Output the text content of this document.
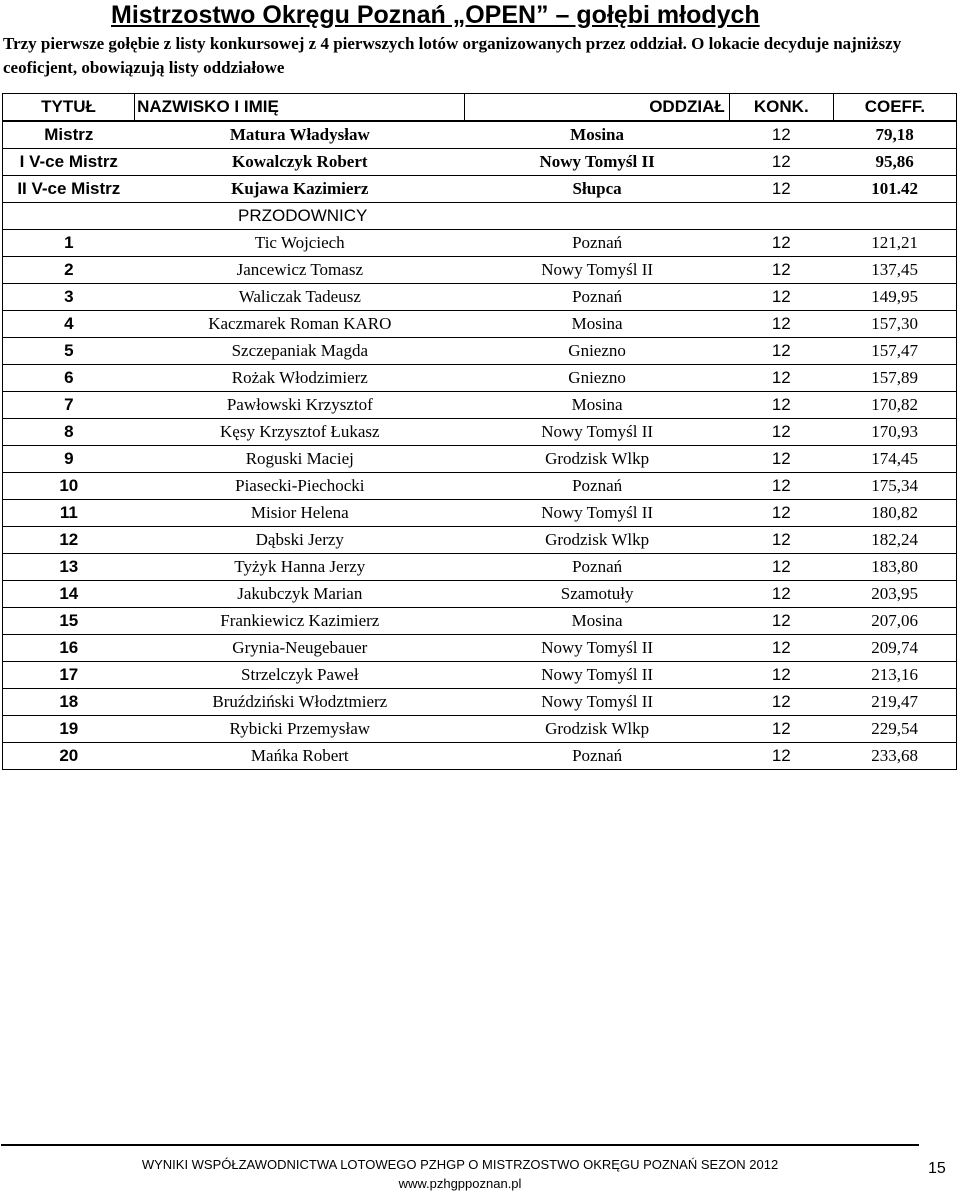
Mistrzostwo Okręgu Poznań „OPEN” – gołębi młodych
Trzy pierwsze gołębie z listy konkursowej z 4 pierwszych lotów organizowanych przez oddział. O lokacie decyduje najniższy ceoficjent, obowiązują listy oddziałowe
TYTUŁ	NAZWISKO I IMIĘ	ODDZIAŁ	KONK.	COEFF.
Mistrz	Matura Władysław	Mosina	12	79,18
I V-ce Mistrz	Kowalczyk Robert	Nowy Tomyśl II	12	95,86
II V-ce Mistrz	Kujawa Kazimierz	Słupca	12	101.42
PRZODOWNICY				
1	Tic Wojciech	Poznań	12	121,21
2	Jancewicz Tomasz	Nowy Tomyśl II	12	137,45
3	Waliczak Tadeusz	Poznań	12	149,95
4	Kaczmarek Roman KARO	Mosina	12	157,30
5	Szczepaniak Magda	Gniezno	12	157,47
6	Rożak Włodzimierz	Gniezno	12	157,89
7	Pawłowski Krzysztof	Mosina	12	170,82
8	Kęsy Krzysztof Łukasz	Nowy Tomyśl II	12	170,93
9	Roguski Maciej	Grodzisk Wlkp	12	174,45
10	Piasecki-Piechocki	Poznań	12	175,34
11	Misior Helena	Nowy Tomyśl II	12	180,82
12	Dąbski Jerzy	Grodzisk Wlkp	12	182,24
13	Tyżyk Hanna Jerzy	Poznań	12	183,80
14	Jakubczyk Marian	Szamotuły	12	203,95
15	Frankiewicz Kazimierz	Mosina	12	207,06
16	Grynia-Neugebauer	Nowy Tomyśl II	12	209,74
17	Strzelczyk Paweł	Nowy Tomyśl II	12	213,16
18	Bruździński Włodztmierz	Nowy Tomyśl II	12	219,47
19	Rybicki Przemysław	Grodzisk Wlkp	12	229,54
20	Mańka Robert	Poznań	12	233,68
WYNIKI WSPÓŁZAWODNICTWA LOTOWEGO PZHGP O MISTRZOSTWO OKRĘGU POZNAŃ SEZON 2012
www.pzhgppoznan.pl
15
